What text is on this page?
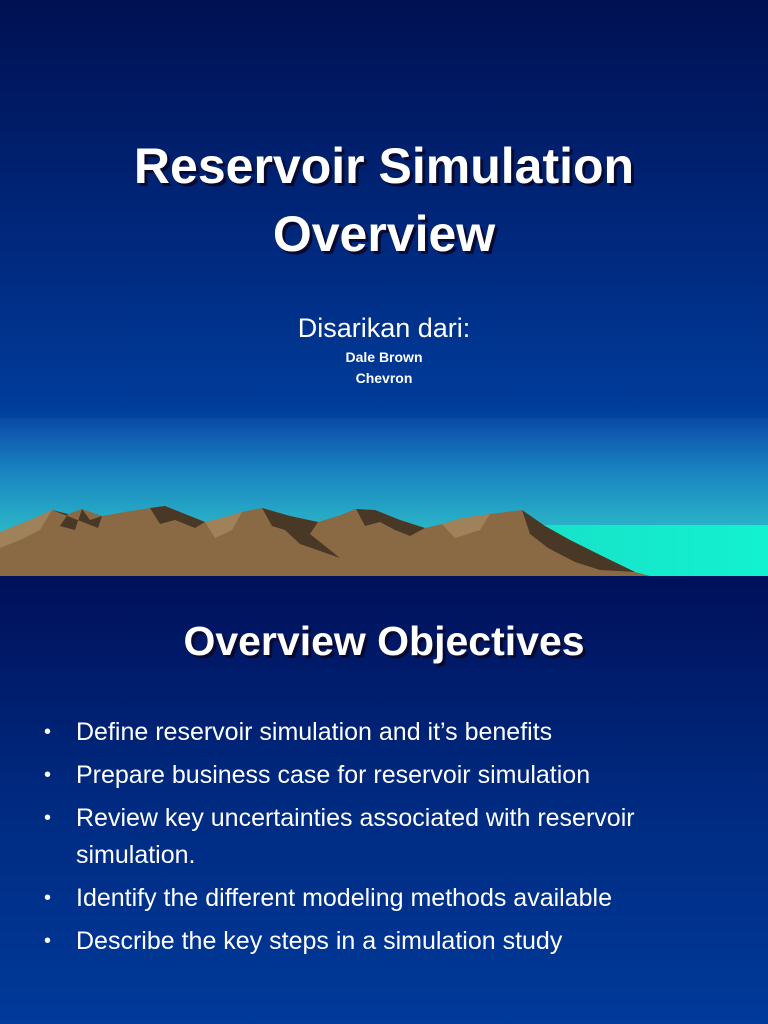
Reservoir Simulation
Overview
Disarikan dari:
Dale Brown
Chevron
Overview Objectives
• Define reservoir simulation and it’s benefits
• Prepare business case for reservoir simulation
• Review key uncertainties associated with reservoir simulation.
• Identify the different modeling methods available
• Describe the key steps in a simulation study
